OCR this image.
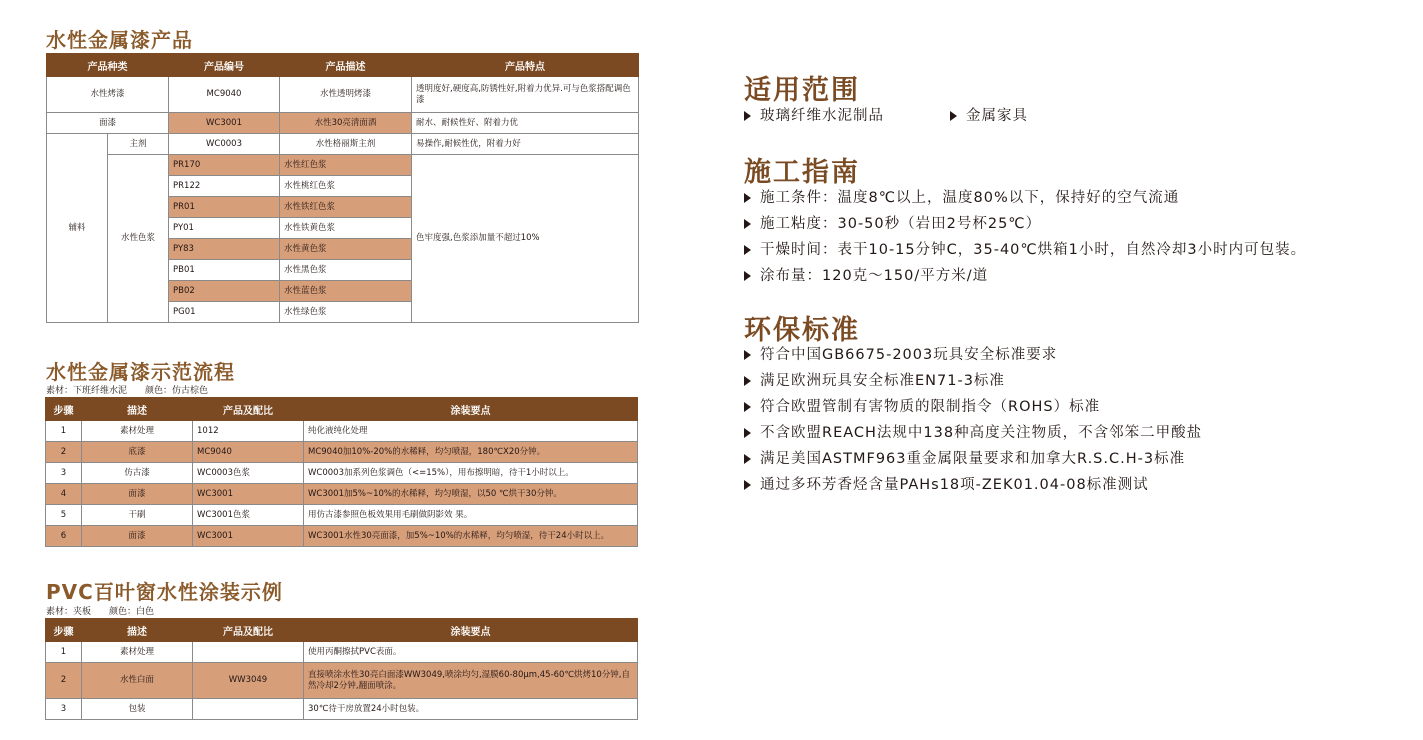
水性金属漆产品
产品种类		产品编号	产品描述	产品特点
水性烤漆		MC9040	水性透明烤漆	透明度好,硬度高,防锈性好,附着力优异.可与色浆搭配调色漆
面漆		WC3001	水性30亮清面酒	耐水、耐候性好、附着力优
辅料	主剂	WC0003	水性格丽斯主剂	易操作,耐候性优，附着力好
	水性色浆	PR170	水性红色浆	色牢度强,色浆添加量不超过10%
		PR122	水性桃红色浆	
		PR01	水性铁红色浆	
		PY01	水性铁黄色浆	
		PY83	水性黄色浆	
		PB01	水性黑色浆	
		PB02	水性蓝色浆	
		PG01	水性绿色浆	
水性金属漆示范流程
素材：下班纤维水泥 颜色：仿古棕色
步骤	描述	产品及配比	涂装要点
1	素材处理	1012	纯化液纯化处理
2	底漆	MC9040	MC9040加10%-20%的水稀释，均匀喷湿，180℃X20分钟。
3	仿古漆	WC0003色浆	WC0003加系列色浆调色（<=15%），用布擦明暗，待干1小时以上。
4	面漆	WC3001	WC3001加5%~10%的水稀释，均匀喷湿，以50 ℃烘干30分钟。
5	干刷	WC3001色浆	用仿古漆参照色板效果用毛刷做阴影效 果。
6	面漆	WC3001	WC3001水性30亮面漆，加5%~10%的水稀释，均匀喷湿，待干24小时以上。
PVC百叶窗水性涂装示例
素材：夹板 颜色：白色
步骤	描述	产品及配比	涂装要点
1	素材处理		使用丙酮擦拭PVC表面。
2	水性白面	WW3049	直接喷涂水性30亮白面漆WW3049,喷涂均匀,湿膜60-80μm,45-60℃烘烤10分钟,自然冷却2分钟,翻面喷涂。
3	包装		30℃待干房放置24小时包装。
适用范围
玻璃纤维水泥制品	金属家具
施工指南
施工条件：温度8℃以上，温度80%以下，保持好的空气流通
施工粘度：30-50秒（岩田2号杯25℃）
干燥时间：表干10-15分钟C，35-40℃烘箱1小时，自然冷却3小时内可包装。
涂布量：120克～150/平方米/道
环保标准
符合中国GB6675-2003玩具安全标准要求
满足欧洲玩具安全标准EN71-3标准
符合欧盟管制有害物质的限制指令（ROHS）标准
不含欧盟REACH法规中138种高度关注物质，不含邻笨二甲酸盐
满足美国ASTMF963重金属限量要求和加拿大R.S.C.H-3标准
通过多环芳香烃含量PAHs18项-ZEK01.04-08标准测试
